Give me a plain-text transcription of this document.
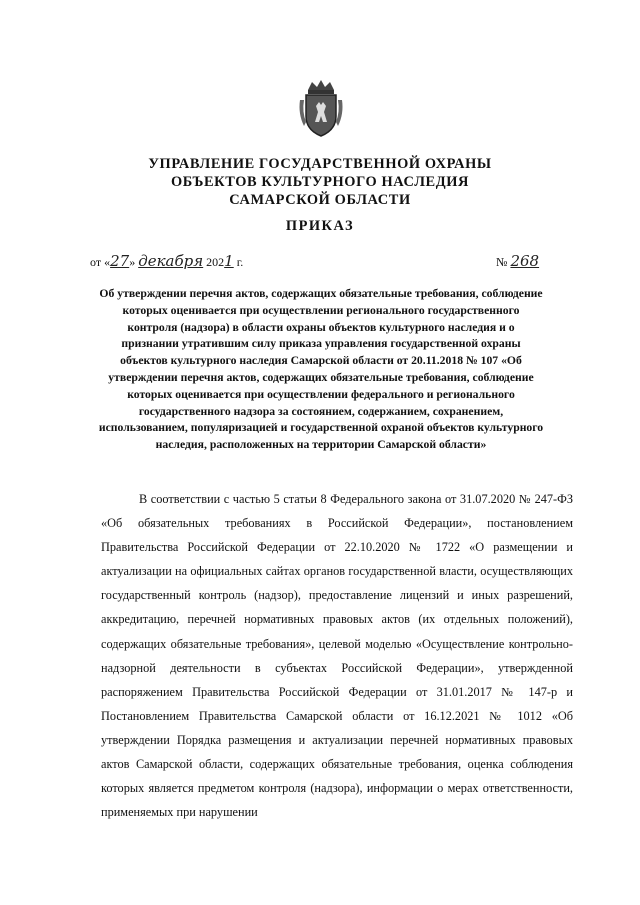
УПРАВЛЕНИЕ ГОСУДАРСТВЕННОЙ ОХРАНЫ
ОБЪЕКТОВ КУЛЬТУРНОГО НАСЛЕДИЯ
САМАРСКОЙ ОБЛАСТИ
ПРИКАЗ
от «27» декабря 2021 г.	№ 268
Об утверждении перечня актов, содержащих обязательные требования, соблюдение которых оценивается при осуществлении регионального государственного контроля (надзора) в области охраны объектов культурного наследия и о признании утратившим силу приказа управления государственной охраны объектов культурного наследия Самарской области от 20.11.2018 № 107 «Об утверждении перечня актов, содержащих обязательные требования, соблюдение которых оценивается при осуществлении федерального и регионального государственного надзора за состоянием, содержанием, сохранением, использованием, популяризацией и государственной охраной объектов культурного наследия, расположенных на территории Самарской области»
В соответствии с частью 5 статьи 8 Федерального закона от 31.07.2020 № 247-ФЗ «Об обязательных требованиях в Российской Федерации», постановлением Правительства Российской Федерации от 22.10.2020 № 1722 «О размещении и актуализации на официальных сайтах органов государственной власти, осуществляющих государственный контроль (надзор), предоставление лицензий и иных разрешений, аккредитацию, перечней нормативных правовых актов (их отдельных положений), содержащих обязательные требования», целевой моделью «Осуществление контрольно-надзорной деятельности в субъектах Российской Федерации», утвержденной распоряжением Правительства Российской Федерации от 31.01.2017 № 147-р и Постановлением Правительства Самарской области от 16.12.2021 № 1012 «Об утверждении Порядка размещения и актуализации перечней нормативных правовых актов Самарской области, содержащих обязательные требования, оценка соблюдения которых является предметом контроля (надзора), информации о мерах ответственности, применяемых при нарушении
